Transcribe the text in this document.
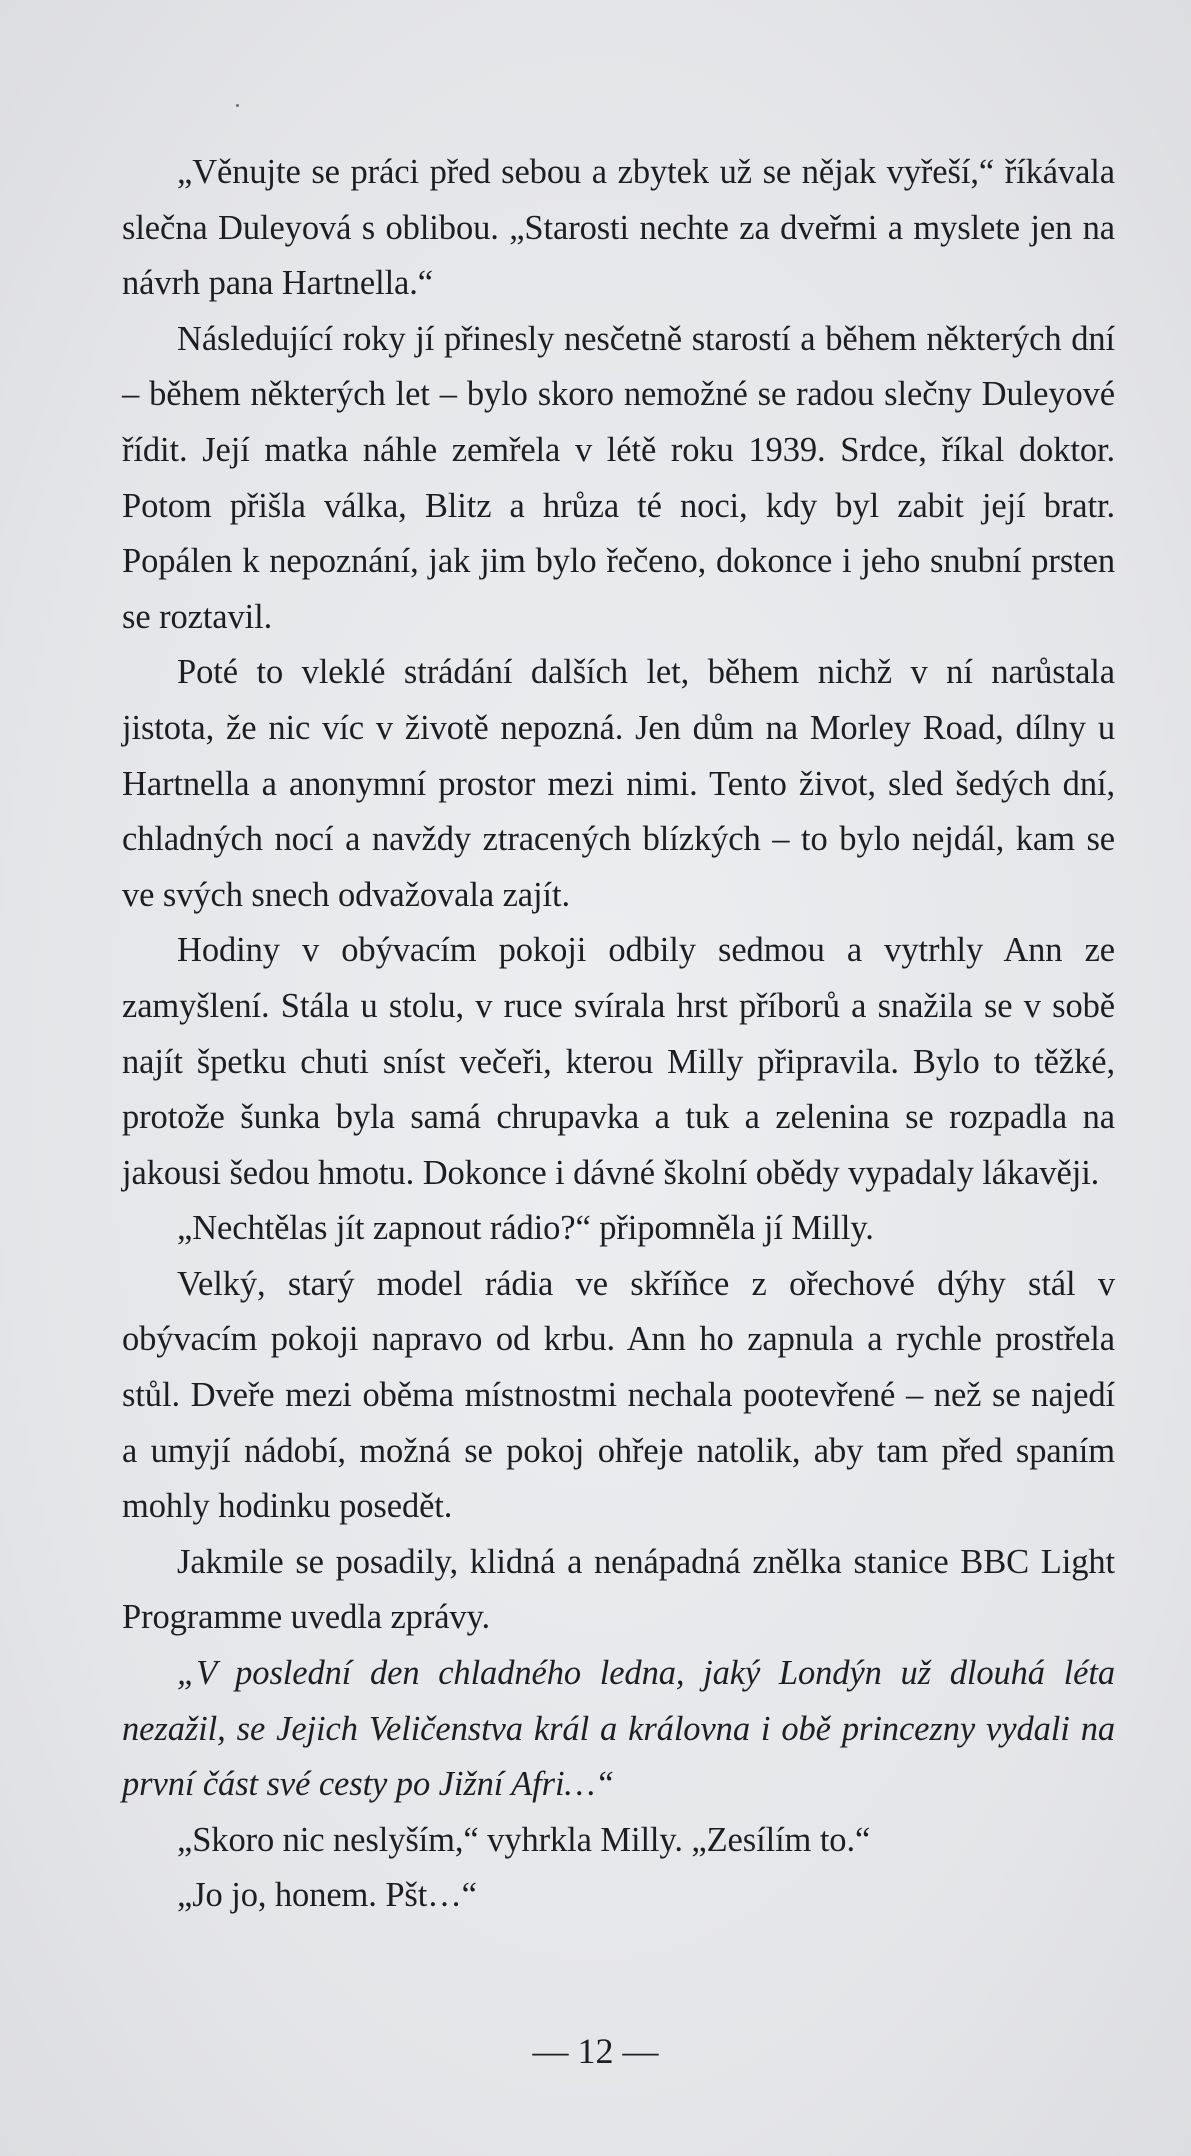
„Věnujte se práci před sebou a zbytek už se nějak vyřeší,“ říkávala slečna Duleyová s oblibou. „Starosti nechte za dveřmi a myslete jen na návrh pana Hartnella.“

Následující roky jí přinesly nesčetně starostí a během některých dní – během některých let – bylo skoro nemožné se radou slečny Duleyové řídit. Její matka náhle zemřela v létě roku 1939. Srdce, říkal doktor. Potom přišla válka, Blitz a hrůza té noci, kdy byl zabit její bratr. Popálen k nepoznání, jak jim bylo řečeno, dokonce i jeho snubní prsten se roztavil.

Poté to vleklé strádání dalších let, během nichž v ní narůstala jistota, že nic víc v životě nepozná. Jen dům na Morley Road, dílny u Hartnella a anonymní prostor mezi nimi. Tento život, sled šedých dní, chladných nocí a navždy ztracených blízkých – to bylo nejdál, kam se ve svých snech odvažovala zajít.

Hodiny v obývacím pokoji odbily sedmou a vytrhly Ann ze zamyšlení. Stála u stolu, v ruce svírala hrst příborů a snažila se v sobě najít špetku chuti sníst večeři, kterou Milly připravila. Bylo to těžké, protože šunka byla samá chrupavka a tuk a zelenina se rozpadla na jakousi šedou hmotu. Dokonce i dávné školní obědy vypadaly lákavěji.

„Nechtělas jít zapnout rádio?“ připomněla jí Milly.

Velký, starý model rádia ve skříňce z ořechové dýhy stál v obývacím pokoji napravo od krbu. Ann ho zapnula a rychle prostřela stůl. Dveře mezi oběma místnostmi nechala pootevřené – než se najedí a umyjí nádobí, možná se pokoj ohřeje natolik, aby tam před spaním mohly hodinku posedět.

Jakmile se posadily, klidná a nenápadná znělka stanice BBC Light Programme uvedla zprávy.

„V poslední den chladného ledna, jaký Londýn už dlouhá léta nezažil, se Jejich Veličenstva král a královna i obě princezny vydali na první část své cesty po Jižní Afri…“

„Skoro nic neslyším,“ vyhrkla Milly. „Zesílím to.“

„Jo jo, honem. Pšt…“

— 12 —
